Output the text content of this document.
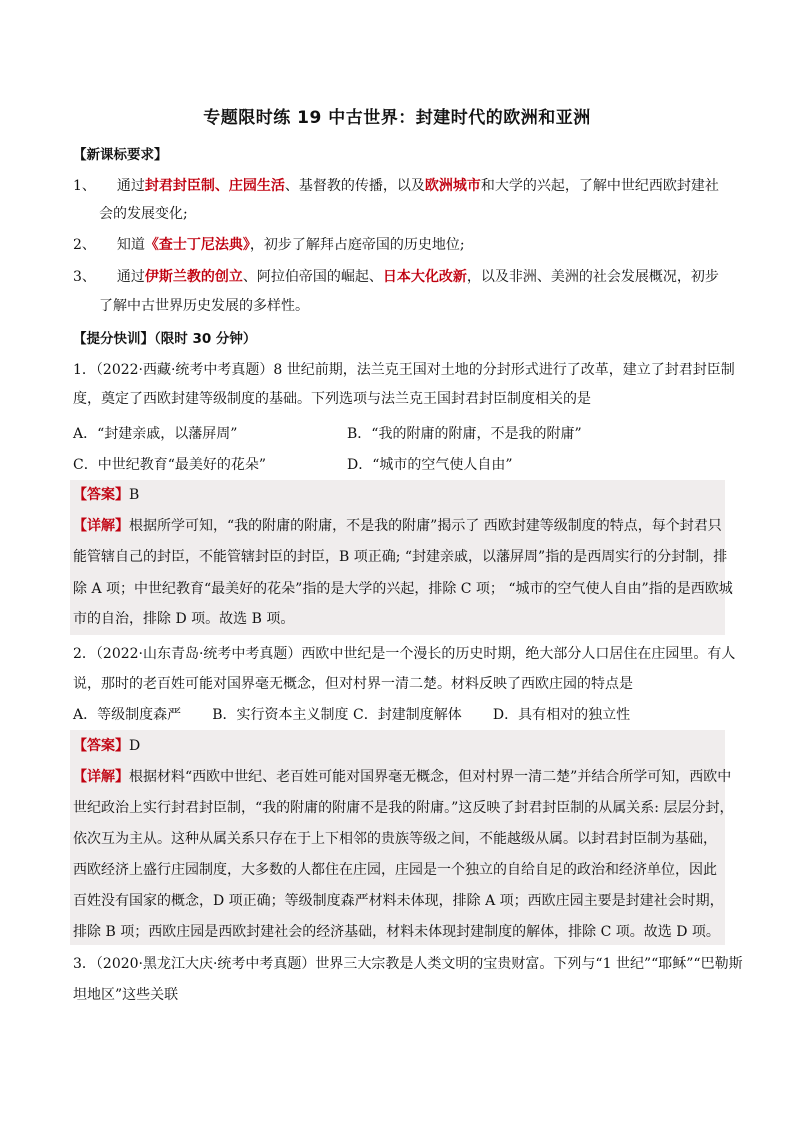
专题限时练 19 中古世界：封建时代的欧洲和亚洲
【新课标要求】
1、 通过封君封臣制、庄园生活、基督教的传播，以及欧洲城市和大学的兴起，了解中世纪西欧封建社
会的发展变化;
2、 知道《查士丁尼法典》，初步了解拜占庭帝国的历史地位;
3、 通过伊斯兰教的创立、阿拉伯帝国的崛起、日本大化改新，以及非洲、美洲的社会发展概况，初步
了解中古世界历史发展的多样性。
【提分快训】（限时 30 分钟）
1．（2022·西藏·统考中考真题）8 世纪前期，法兰克王国对土地的分封形式进行了改革，建立了封君封臣制
度，奠定了西欧封建等级制度的基础。下列选项与法兰克王国封君封臣制度相关的是
A．“封建亲戚，以藩屏周”	B．“我的附庸的附庸，不是我的附庸”
C．中世纪教育“最美好的花朵”	D．“城市的空气使人自由”
【答案】B
【详解】根据所学可知，“我的附庸的附庸，不是我的附庸”揭示了 西欧封建等级制度的特点，每个封君只
能管辖自己的封臣，不能管辖封臣的封臣，B 项正确; “封建亲戚，以藩屏周”指的是西周实行的分封制，排
除 A 项；中世纪教育“最美好的花朵”指的是大学的兴起，排除 C 项； “城市的空气使人自由”指的是西欧城
市的自治，排除 D 项。故选 B 项。
2．（2022·山东青岛·统考中考真题）西欧中世纪是一个漫长的历史时期，绝大部分人口居住在庄园里。有人
说，那时的老百姓可能对国界毫无概念，但对村界一清二楚。材料反映了西欧庄园的特点是
A．等级制度森严       B．实行资本主义制度 C．封建制度解体       D．具有相对的独立性
【答案】D
【详解】根据材料“西欧中世纪、老百姓可能对国界毫无概念，但对村界一清二楚”并结合所学可知，西欧中
世纪政治上实行封君封臣制，“我的附庸的附庸不是我的附庸。”这反映了封君封臣制的从属关系: 层层分封，
依次互为主从。这种从属关系只存在于上下相邻的贵族等级之间，不能越级从属。以封君封臣制为基础，
西欧经济上盛行庄园制度，大多数的人都住在庄园，庄园是一个独立的自给自足的政治和经济单位，因此
百姓没有国家的概念，D 项正确；等级制度森严材料未体现，排除 A 项；西欧庄园主要是封建社会时期，
排除 B 项；西欧庄园是西欧封建社会的经济基础，材料未体现封建制度的解体，排除 C 项。故选 D 项。
3．（2020·黑龙江大庆·统考中考真题）世界三大宗教是人类文明的宝贵财富。下列与“1 世纪”“耶稣”“巴勒斯
坦地区”这些关联
